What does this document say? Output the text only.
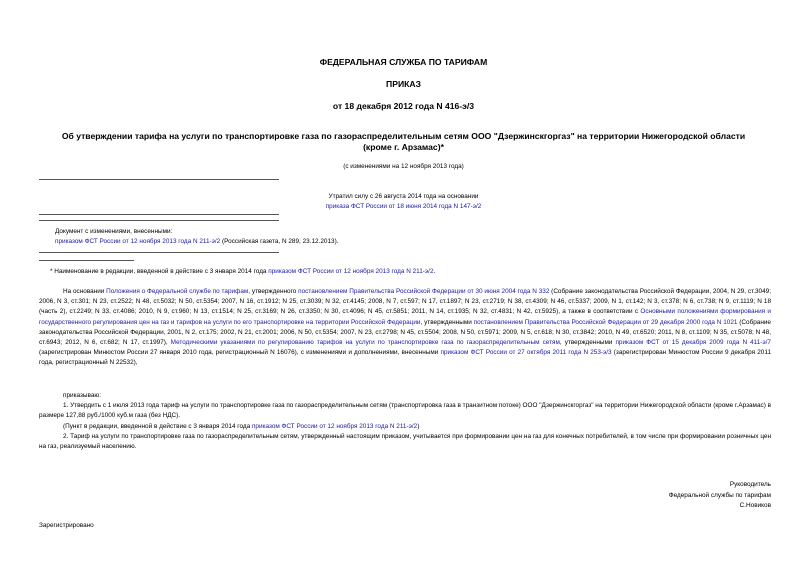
ФЕДЕРАЛЬНАЯ СЛУЖБА ПО ТАРИФАМ
ПРИКАЗ
от 18 декабря 2012 года N 416-э/3
Об утверждении тарифа на услуги по транспортировке газа по газораспределительным сетям ООО "Дзержинскгоргаз" на территории Нижегородской области (кроме г. Арзамас)*
(с изменениями на 12 ноября 2013 года)
Утратил силу с 26 августа 2014 года на основании
приказа ФСТ России от 18 июня 2014 года N 147-э/2
Документ с изменениями, внесенными:
приказом ФСТ России от 12 ноября 2013 года N 211-э/2 (Российская газета, N 289, 23.12.2013).
* Наименование в редакции, введенной в действие с 3 января 2014 года приказом ФСТ России от 12 ноября 2013 года N 211-э/2.

На основании Положения о Федеральной службе по тарифам, утвержденного постановлением Правительства Российской Федерации от 30 июня 2004 года N 332 (Собрание законодательства Российской Федерации, 2004, N 29, ст.3049; 2006, N 3, ст.301; N 23, ст.2522; N 48, ст.5032; N 50, ст.5354; 2007, N 16, ст.1912; N 25, ст.3039; N 32, ст.4145; 2008, N 7, ст.597; N 17, ст.1897; N 23, ст.2719; N 38, ст.4309; N 46, ст.5337; 2009, N 1, ст.142; N 3, ст.378; N 6, ст.738; N 9, ст.1119; N 18 (часть 2), ст.2249; N 33, ст.4086; 2010, N 9, ст.960; N 13, ст.1514; N 25, ст.3169; N 26, ст.3350; N 30, ст.4096; N 45, ст.5851; 2011, N 14, ст.1935; N 32, ст.4831; N 42, ст.5925), а также в соответствии с Основными положениями формирования и государственного регулирования цен на газ и тарифов на услуги по его транспортировке на территории Российской Федерации, утвержденными постановлением Правительства Российской Федерации от 29 декабря 2000 года N 1021 (Собрание законодательства Российской Федерации, 2001, N 2, ст.175; 2002, N 21, ст.2001; 2006, N 50, ст.5354; 2007, N 23, ст.2798; N 45, ст.5504; 2008, N 50, ст.5971; 2009, N 5, ст.618; N 30, ст.3842; 2010, N 49, ст.6520; 2011, N 8, ст.1109; N 35, ст.5078; N 48, ст.6943; 2012, N 6, ст.682; N 17, ст.1997), Методическими указаниями по регулированию тарифов на услуги по транспортировке газа по газораспределительным сетям, утвержденными приказом ФСТ от 15 декабря 2009 года N 411-э/7 (зарегистрирован Минюстом России 27 января 2010 года, регистрационный N 16076), с изменениями и дополнениями, внесенными приказом ФСТ России от 27 октября 2011 года N 253-э/3 (зарегистрирован Минюстом России 9 декабря 2011 года, регистрационный N 22532),

приказываю:

1. Утвердить с 1 июля 2013 года тариф на услуги по транспортировке газа по газораспределительным сетям (транспортировка газа в транзитном потоке) ООО "Дзержинскгоргаз" на территории Нижегородской области (кроме г.Арзамас) в размере 127,88 руб./1000 куб.м газа (без НДС).

(Пункт в редакции, введенной в действие с 3 января 2014 года приказом ФСТ России от 12 ноября 2013 года N 211-э/2)

2. Тариф на услуги по транспортировке газа по газораспределительным сетям, утвержденный настоящим приказом, учитывается при формировании цен на газ для конечных потребителей, в том числе при формировании розничных цен на газ, реализуемый населению.

Руководитель
Федеральной службы по тарифам
С.Новиков
Зарегистрировано
